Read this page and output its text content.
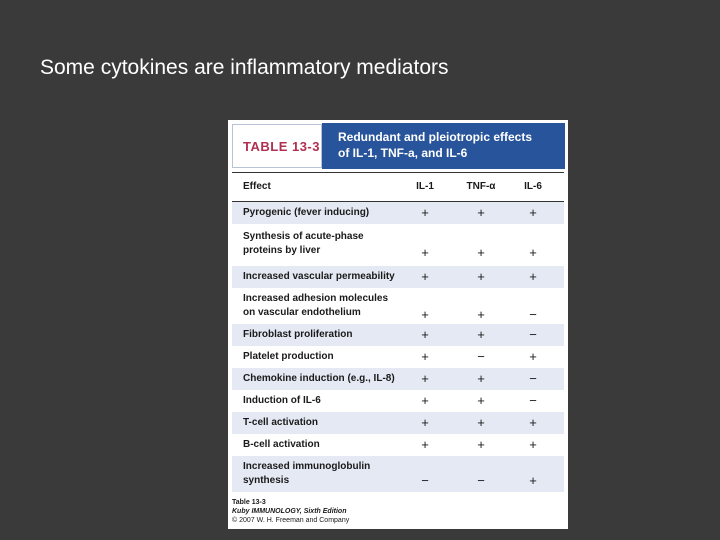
Some cytokines are inflammatory mediators
TABLE 13-3
Redundant and pleiotropic effects
of IL-1, TNF-a, and IL-6
Effect	IL-1	TNF-α	IL-6
Pyrogenic (fever inducing)	+	+	+
Synthesis of acute-phase
proteins by liver	+	+	+
Increased vascular permeability	+	+	+
Increased adhesion molecules
on vascular endothelium	+	+	−
Fibroblast proliferation	+	+	−
Platelet production	+	−	+
Chemokine induction (e.g., IL-8)	+	+	−
Induction of IL-6	+	+	−
T-cell activation	+	+	+
B-cell activation	+	+	+
Increased immunoglobulin
synthesis	−	−	+
Table 13-3
Kuby IMMUNOLOGY, Sixth Edition
© 2007 W. H. Freeman and Company
